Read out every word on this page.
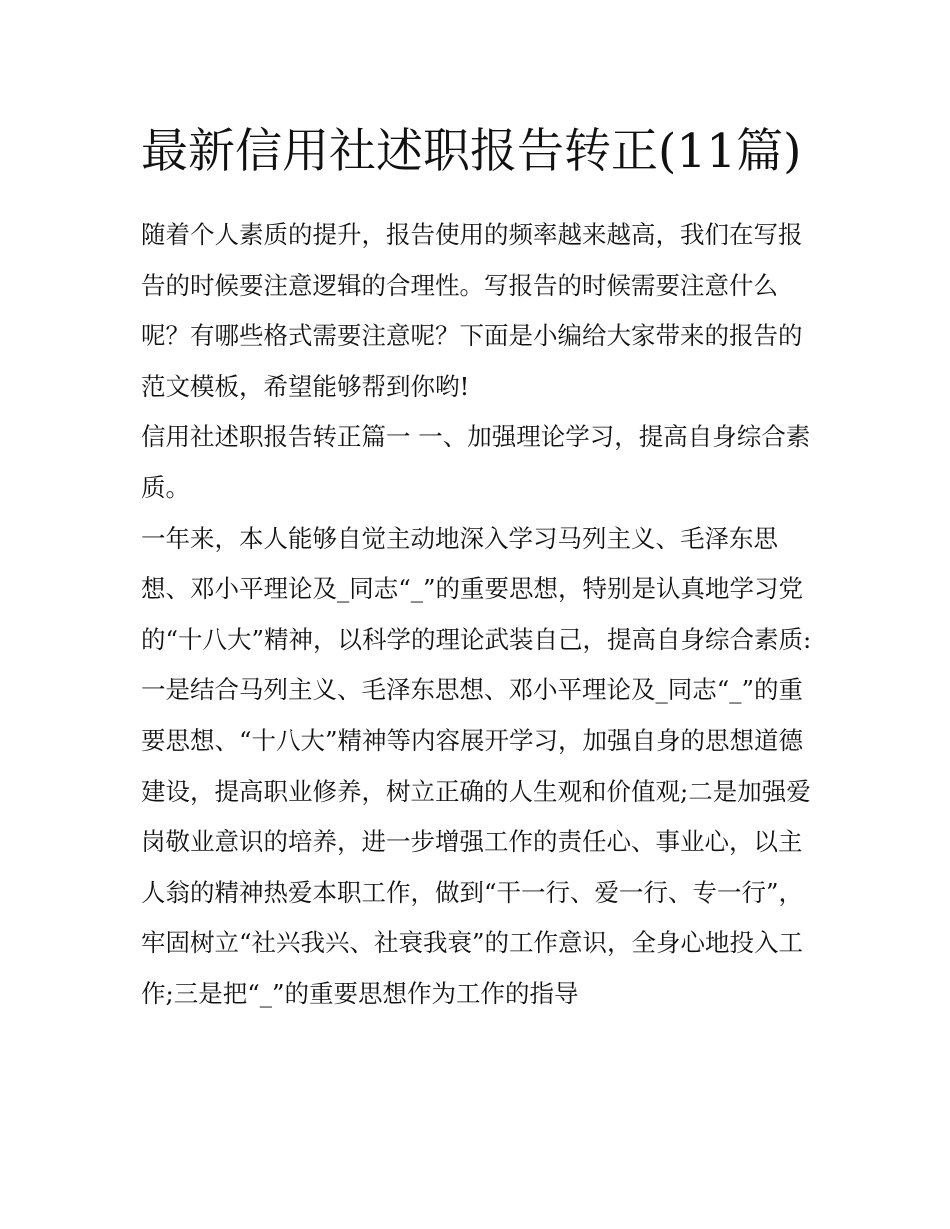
最新信用社述职报告转正(11篇)

随着个人素质的提升，报告使用的频率越来越高，我们在写报告的时候要注意逻辑的合理性。写报告的时候需要注意什么呢？有哪些格式需要注意呢？下面是小编给大家带来的报告的范文模板，希望能够帮到你哟!

信用社述职报告转正篇一 一、加强理论学习，提高自身综合素质。

一年来，本人能够自觉主动地深入学习马列主义、毛泽东思想、邓小平理论及_同志“_”的重要思想，特别是认真地学习党的“十八大”精神，以科学的理论武装自己，提高自身综合素质:一是结合马列主义、毛泽东思想、邓小平理论及_同志“_”的重要思想、“十八大”精神等内容展开学习，加强自身的思想道德建设，提高职业修养，树立正确的人生观和价值观;二是加强爱岗敬业意识的培养，进一步增强工作的责任心、事业心，以主人翁的精神热爱本职工作，做到“干一行、爱一行、专一行”，牢固树立“社兴我兴、社衰我衰”的工作意识，全身心地投入工作;三是把“_”的重要思想作为工作的指导
